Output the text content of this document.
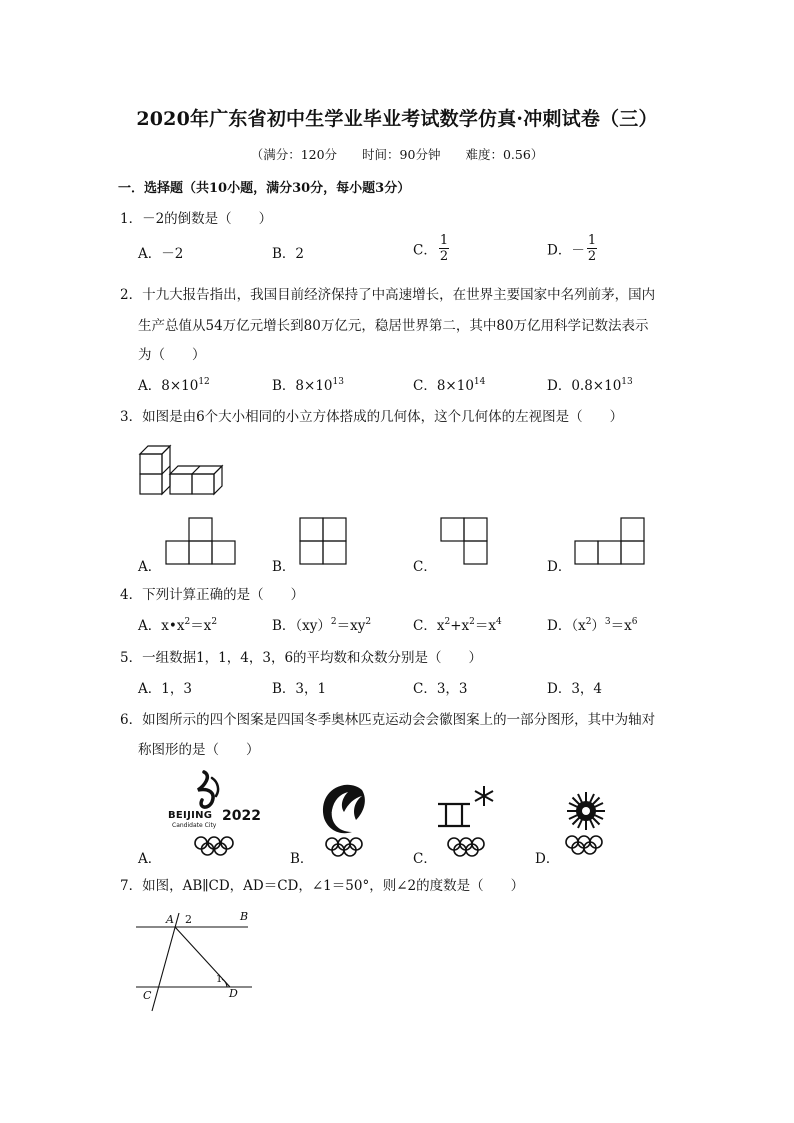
2020年广东省初中生学业毕业考试数学仿真·冲刺试卷（三）
（满分：120分　　时间：90分钟　　难度：0.56）
一．选择题（共10小题，满分30分，每小题3分）
1．－2的倒数是（　　）
A．－2	B．2	C． $\frac{1}{2}$	D．－ $\frac{1}{2}$
2．十九大报告指出，我国目前经济保持了中高速增长，在世界主要国家中名列前茅，国内
生产总值从54万亿元增长到80万亿元，稳居世界第二，其中80万亿用科学记数法表示
为（　　）
A．$8\times 10^{12}$	B．$8\times 10^{13}$	C．$8\times 10^{14}$	D．$0.8\times 10^{13}$
3．如图是由6个大小相同的小立方体搭成的几何体，这个几何体的左视图是（　　）
A．	B．	C．	D．
4．下列计算正确的是（　　）
A．$x•x^2=x^2$	B．$(xy)^2=xy^2$	C．$x^2+x^2=x^4$	D．$(x^2)^3=x^6$
5．一组数据1，1，4，3，6的平均数和众数分别是（　　）
A．1，3	B．3，1	C．3，3	D．3，4
6．如图所示的四个图案是四国冬季奥林匹克运动会会徽图案上的一部分图形，其中为轴对
称图形的是（　　）
A．
BEIJING 2022
Candidate City
B．	C．	D．
7．如图，AB∥CD，AD＝CD，∠1＝50°，则∠2的度数是（　　）
A 2	B
C
1
D
